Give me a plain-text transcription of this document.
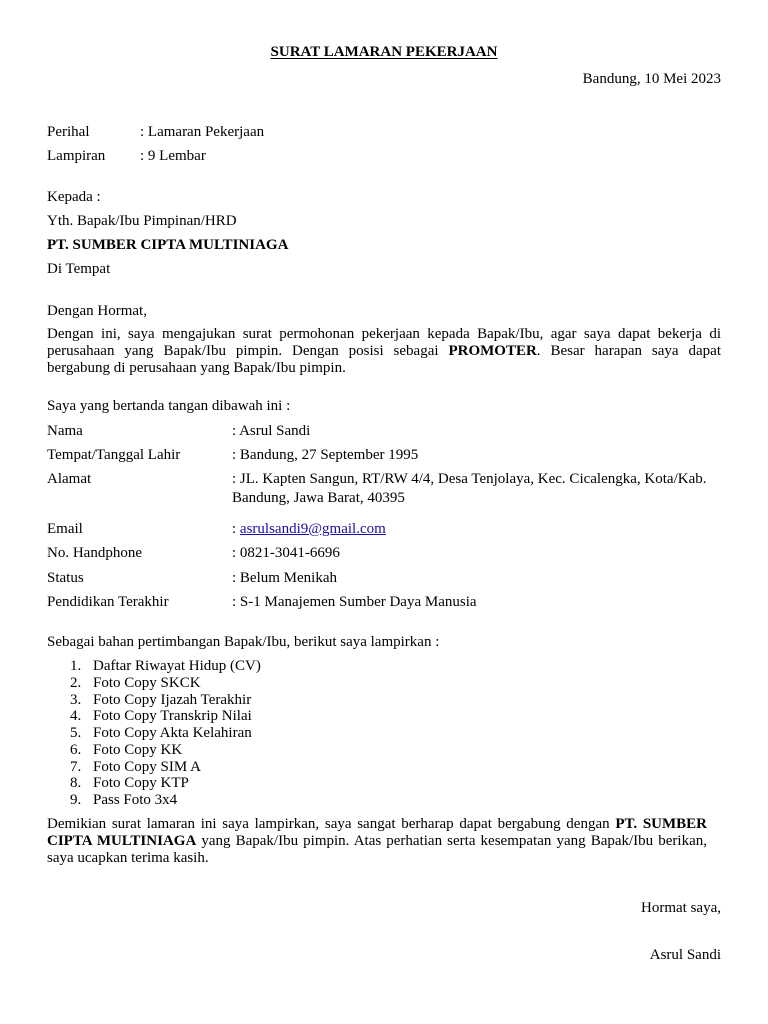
SURAT LAMARAN PEKERJAAN
Bandung, 10 Mei 2023
Perihal	: Lamaran Pekerjaan
Lampiran : 9 Lembar
Kepada :
Yth. Bapak/Ibu Pimpinan/HRD
PT. SUMBER CIPTA MULTINIAGA
Di Tempat
Dengan Hormat,
Dengan ini, saya mengajukan surat permohonan pekerjaan kepada Bapak/Ibu, agar saya dapat bekerja di
perusahaan yang Bapak/Ibu pimpin. Dengan posisi sebagai PROMOTER. Besar harapan saya dapat
bergabung di perusahaan yang Bapak/Ibu pimpin.
Saya yang bertanda tangan dibawah ini :
Nama	: Asrul Sandi
Tempat/Tanggal Lahir	: Bandung, 27 September 1995
Alamat	: JL. Kapten Sangun, RT/RW 4/4, Desa Tenjolaya, Kec. Cicalengka, Kota/Kab.
Bandung, Jawa Barat, 40395
Email	: asrulsandi9@gmail.com
No. Handphone	: 0821-3041-6696
Status	: Belum Menikah
Pendidikan Terakhir	: S-1 Manajemen Sumber Daya Manusia
Sebagai bahan pertimbangan Bapak/Ibu, berikut saya lampirkan :
1. Daftar Riwayat Hidup (CV)
2. Foto Copy SKCK
3. Foto Copy Ijazah Terakhir
4. Foto Copy Transkrip Nilai
5. Foto Copy Akta Kelahiran
6. Foto Copy KK
7. Foto Copy SIM A
8. Foto Copy KTP
9. Pass Foto 3x4
Demikian surat lamaran ini saya lampirkan, saya sangat berharap dapat bergabung dengan PT. SUMBER
CIPTA MULTINIAGA yang Bapak/Ibu pimpin. Atas perhatian serta kesempatan yang Bapak/Ibu berikan,
saya ucapkan terima kasih.
Hormat saya,
Asrul Sandi
